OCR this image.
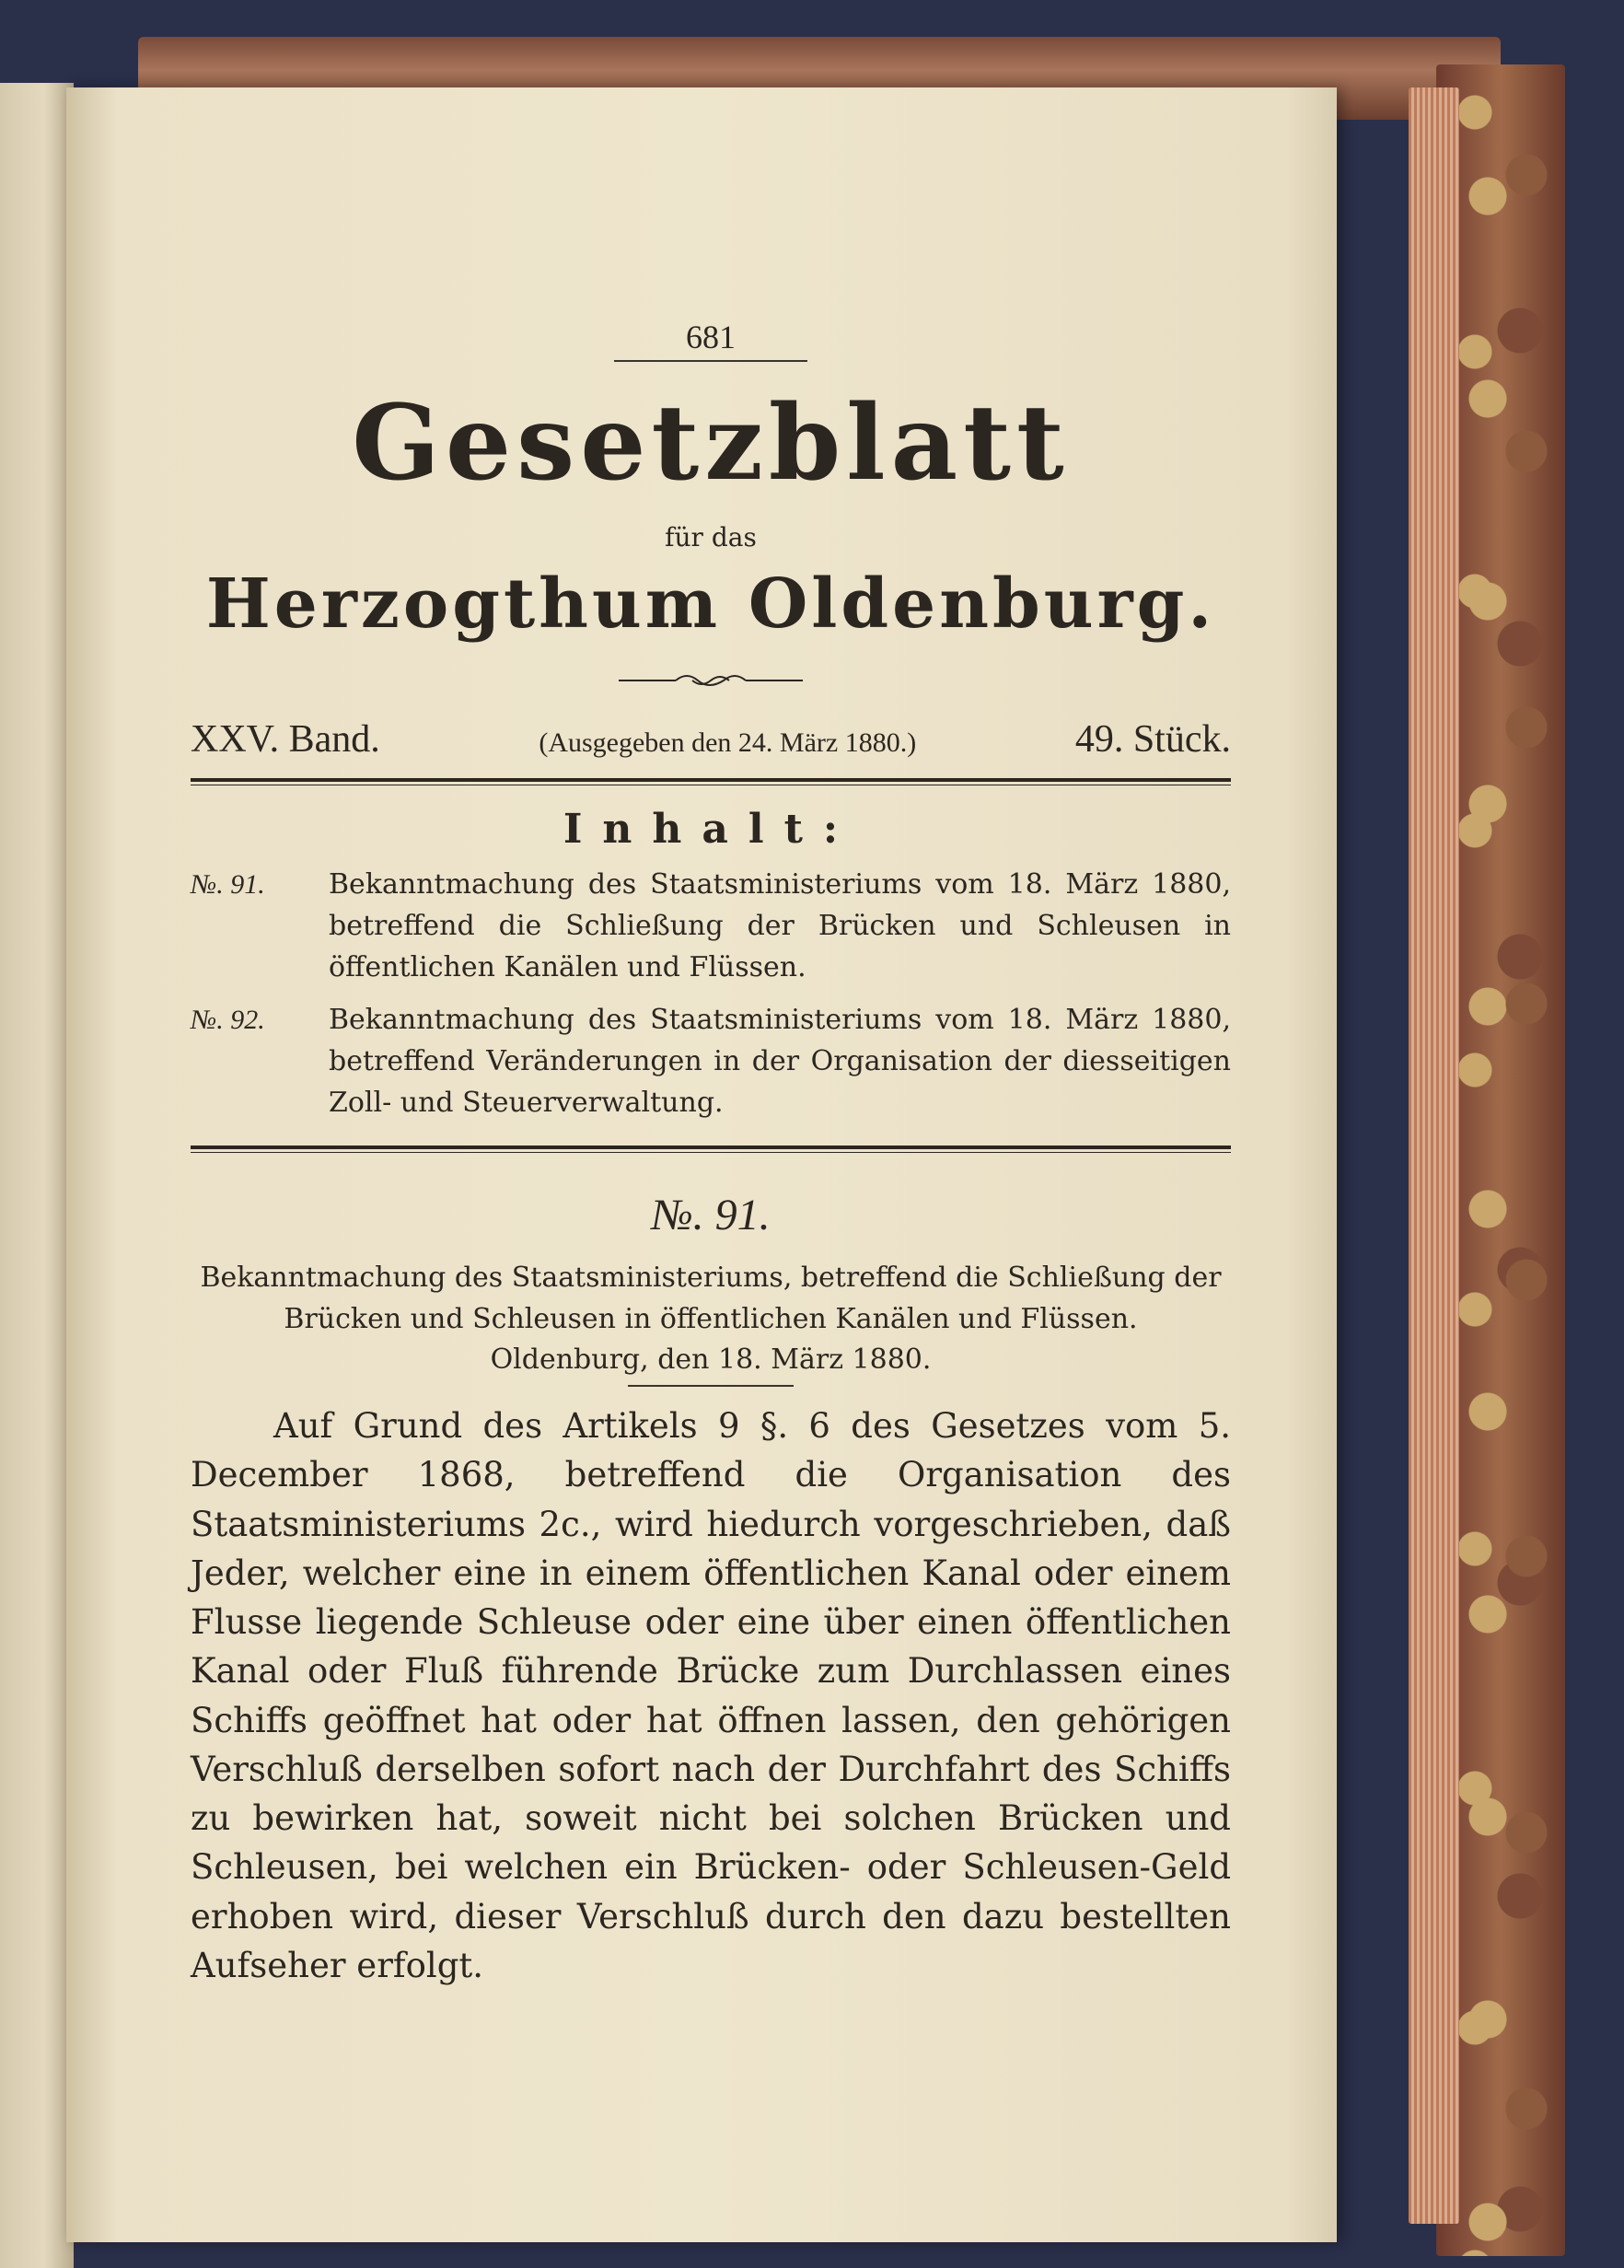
681
Gesetzblatt
für das
Herzogthum Oldenburg.
XXV. Band.	(Ausgegeben den 24. März 1880.)	49. Stück.
Inhalt:
№. 91.	Bekanntmachung des Staatsministeriums vom 18. März 1880, betreffend die Schließung der Brücken und Schleusen in öffentlichen Kanälen und Flüssen.
№. 92.	Bekanntmachung des Staatsministeriums vom 18. März 1880, betreffend Veränderungen in der Organisation der diesseitigen Zoll- und Steuerverwaltung.
№. 91.
Bekanntmachung des Staatsministeriums, betreffend die Schließung der Brücken und Schleusen in öffentlichen Kanälen und Flüssen.
Oldenburg, den 18. März 1880.
Auf Grund des Artikels 9 §. 6 des Gesetzes vom 5. December 1868, betreffend die Organisation des Staatsministeriums 2c., wird hiedurch vorgeschrieben, daß Jeder, welcher eine in einem öffentlichen Kanal oder einem Flusse liegende Schleuse oder eine über einen öffentlichen Kanal oder Fluß führende Brücke zum Durchlassen eines Schiffs geöffnet hat oder hat öffnen lassen, den gehörigen Verschluß derselben sofort nach der Durchfahrt des Schiffs zu bewirken hat, soweit nicht bei solchen Brücken und Schleusen, bei welchen ein Brücken- oder Schleusen-Geld erhoben wird, dieser Verschluß durch den dazu bestellten Aufseher erfolgt.
